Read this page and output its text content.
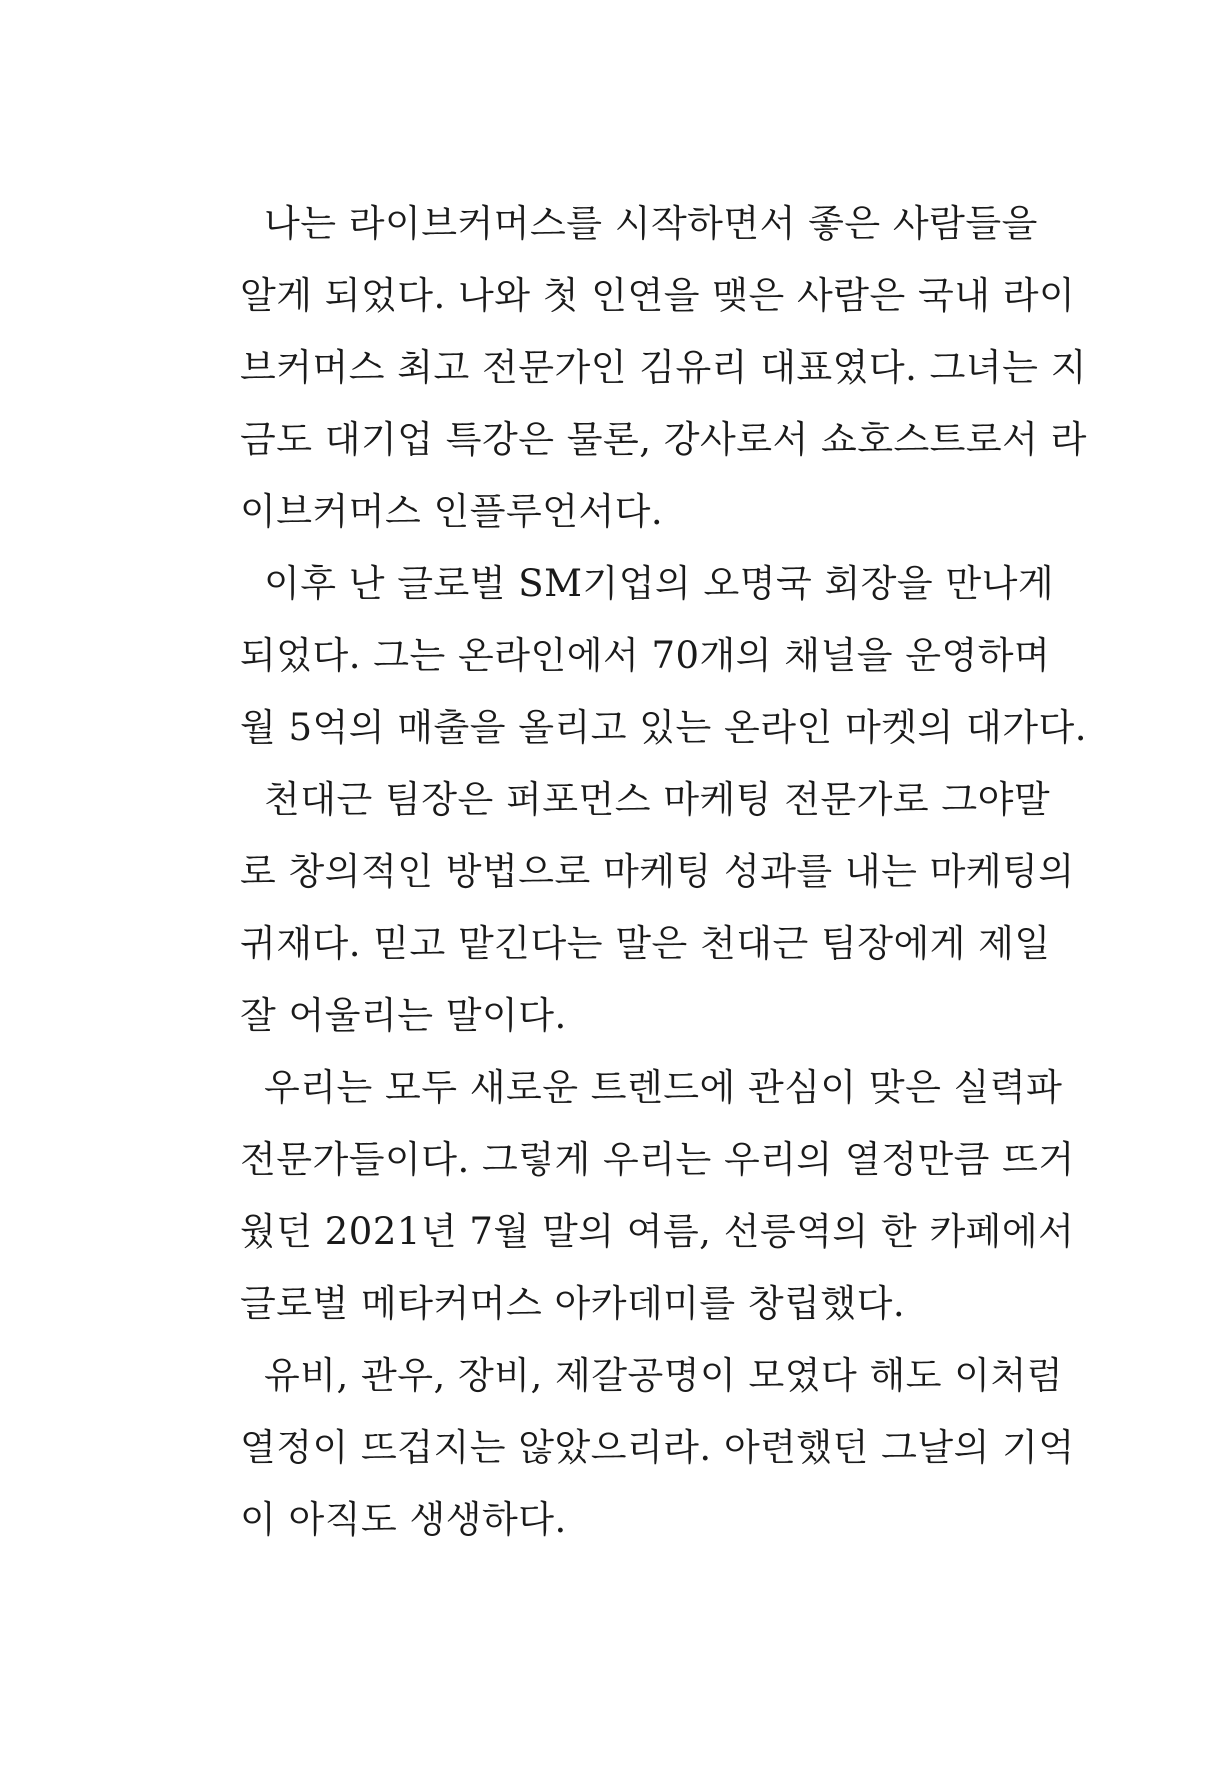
나는 라이브커머스를 시작하면서 좋은 사람들을
알게 되었다. 나와 첫 인연을 맺은 사람은 국내 라이
브커머스 최고 전문가인 김유리 대표였다. 그녀는 지
금도 대기업 특강은 물론, 강사로서 쇼호스트로서 라
이브커머스 인플루언서다.

이후 난 글로벌 SM기업의 오명국 회장을 만나게
되었다. 그는 온라인에서 70개의 채널을 운영하며
월 5억의 매출을 올리고 있는 온라인 마켓의 대가다.

천대근 팀장은 퍼포먼스 마케팅 전문가로 그야말
로 창의적인 방법으로 마케팅 성과를 내는 마케팅의
귀재다. 믿고 맡긴다는 말은 천대근 팀장에게 제일
잘 어울리는 말이다.

우리는 모두 새로운 트렌드에 관심이 맞은 실력파
전문가들이다. 그렇게 우리는 우리의 열정만큼 뜨거
웠던 2021년 7월 말의 여름, 선릉역의 한 카페에서
글로벌 메타커머스 아카데미를 창립했다.

유비, 관우, 장비, 제갈공명이 모였다 해도 이처럼
열정이 뜨겁지는 않았으리라. 아련했던 그날의 기억
이 아직도 생생하다.
